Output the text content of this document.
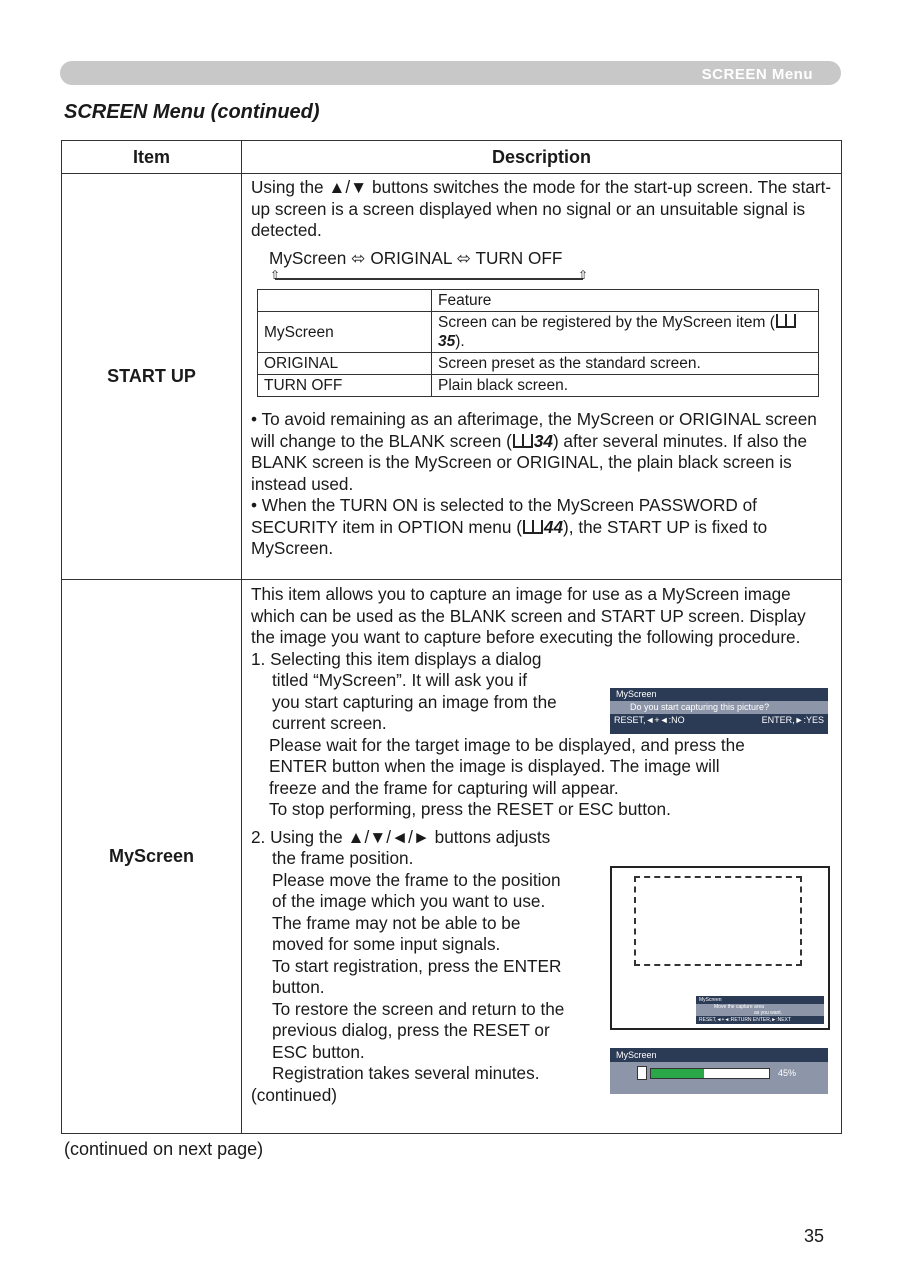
SCREEN Menu
SCREEN Menu (continued)
Item	Description
START UP	

Using the ▲/▼ buttons switches the mode for the start-up screen. The start-up screen is a screen displayed when no signal or an unsuitable signal is detected.

MyScreen ⬄ ORIGINAL ⬄ TURN OFF
⇧	⇧
	Feature
MyScreen	Screen can be registered by the MyScreen item (35).
ORIGINAL	Screen preset as the standard screen.
TURN OFF	Plain black screen.

• To avoid remaining as an afterimage, the MyScreen or ORIGINAL screen will change to the BLANK screen ( 34) after several minutes. If also the BLANK screen is the MyScreen or ORIGINAL, the plain black screen is instead used.

• When the TURN ON is selected to the MyScreen PASSWORD of SECURITY item in OPTION menu ( 44), the START UP is fixed to MyScreen.

MyScreen	

This item allows you to capture an image for use as a MyScreen image which can be used as the BLANK screen and START UP screen. Display the image you want to capture before executing the following procedure.

1. Selecting this item displays a dialog
titled “MyScreen”. It will ask you if
you start capturing an image from the
current screen.
Please wait for the target image to be displayed, and press the
ENTER button when the image is displayed. The image will
freeze and the frame for capturing will appear.
To stop performing, press the RESET or ESC button.
2. Using the ▲/▼/◄/► buttons adjusts
the frame position.
Please move the frame to the position
of the image which you want to use.
The frame may not be able to be
moved for some input signals.
To start registration, press the ENTER
button.
To restore the screen and return to the
previous dialog, press the RESET or
ESC button.
Registration takes several minutes.
(continued)
MyScreen
Do you start capturing this picture?
RESET,◄+◄:NO	ENTER,►:YES
MyScreen
Move the capture area
as you want.
RESET,◄+◄:RETURN ENTER,►:NEXT
MyScreen
45%
(continued on next page)
35
